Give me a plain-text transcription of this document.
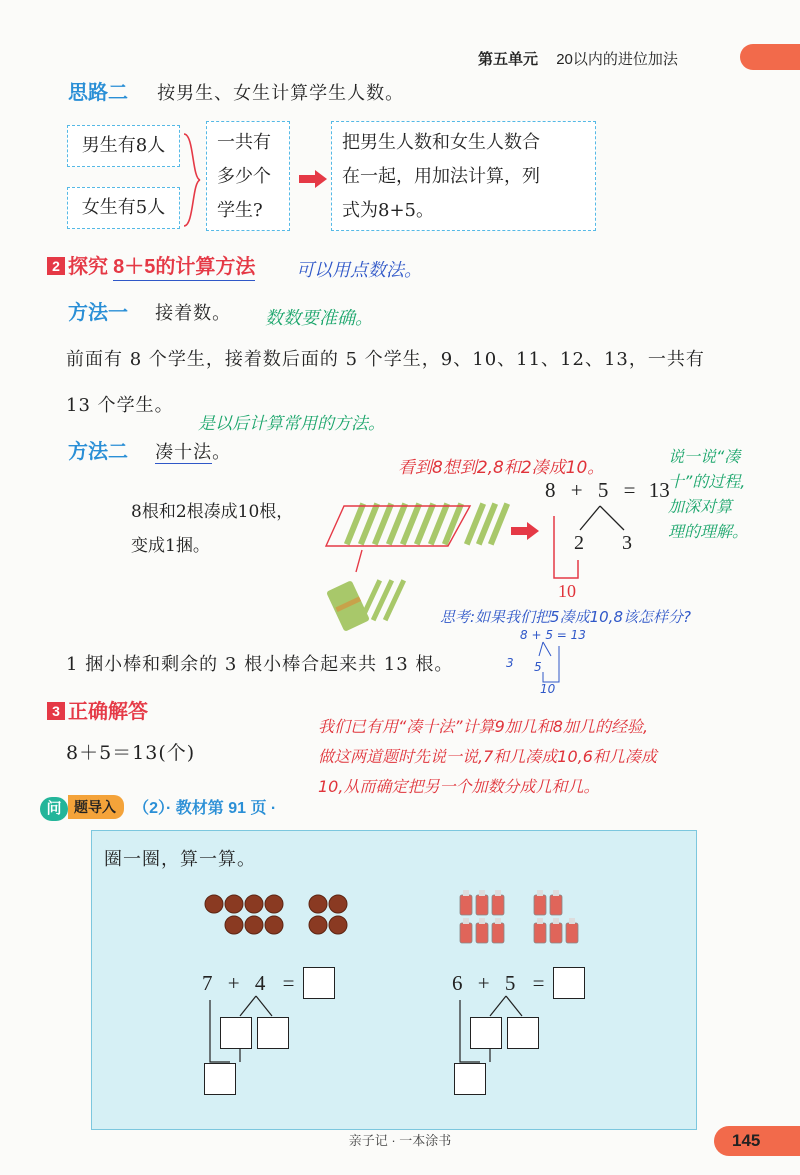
第五单元 20以内的进位加法
思路二 按男生、女生计算学生人数。
男生有8人
女生有5人
一共有
多少个
学生?
把男生人数和女生人数合
在一起，用加法计算，列
式为8+5。
2 探究 8＋5的计算方法 可以用点数法。
方法一 接着数。 数数要准确。
前面有 8 个学生，接着数后面的 5 个学生，9、10、11、12、13，一共有
13 个学生。
是以后计算常用的方法。
方法二 凑十法。
看到8想到2,8和2凑成10。
8根和2根凑成10根，
变成1捆。
8 + 5 = 13
2 3
10
说一说“凑
十”的过程,
加深对算
理的理解。
思考:如果我们把5凑成10,8该怎样分?
8 + 5 = 13
3 5
10
1 捆小棒和剩余的 3 根小棒合起来共 13 根。
3 正确解答
8＋5＝13(个)
我们已有用“凑十法”计算9加几和8加几的经验,
做这两道题时先说一说,7和几凑成10,6和几凑成
10,从而确定把另一个加数分成几和几。
问 题导入 （2）· 教材第 91 页 ·
圈一圈，算一算。
7 + 4 =	6 + 5 =
亲子记 · 一本涂书	145
